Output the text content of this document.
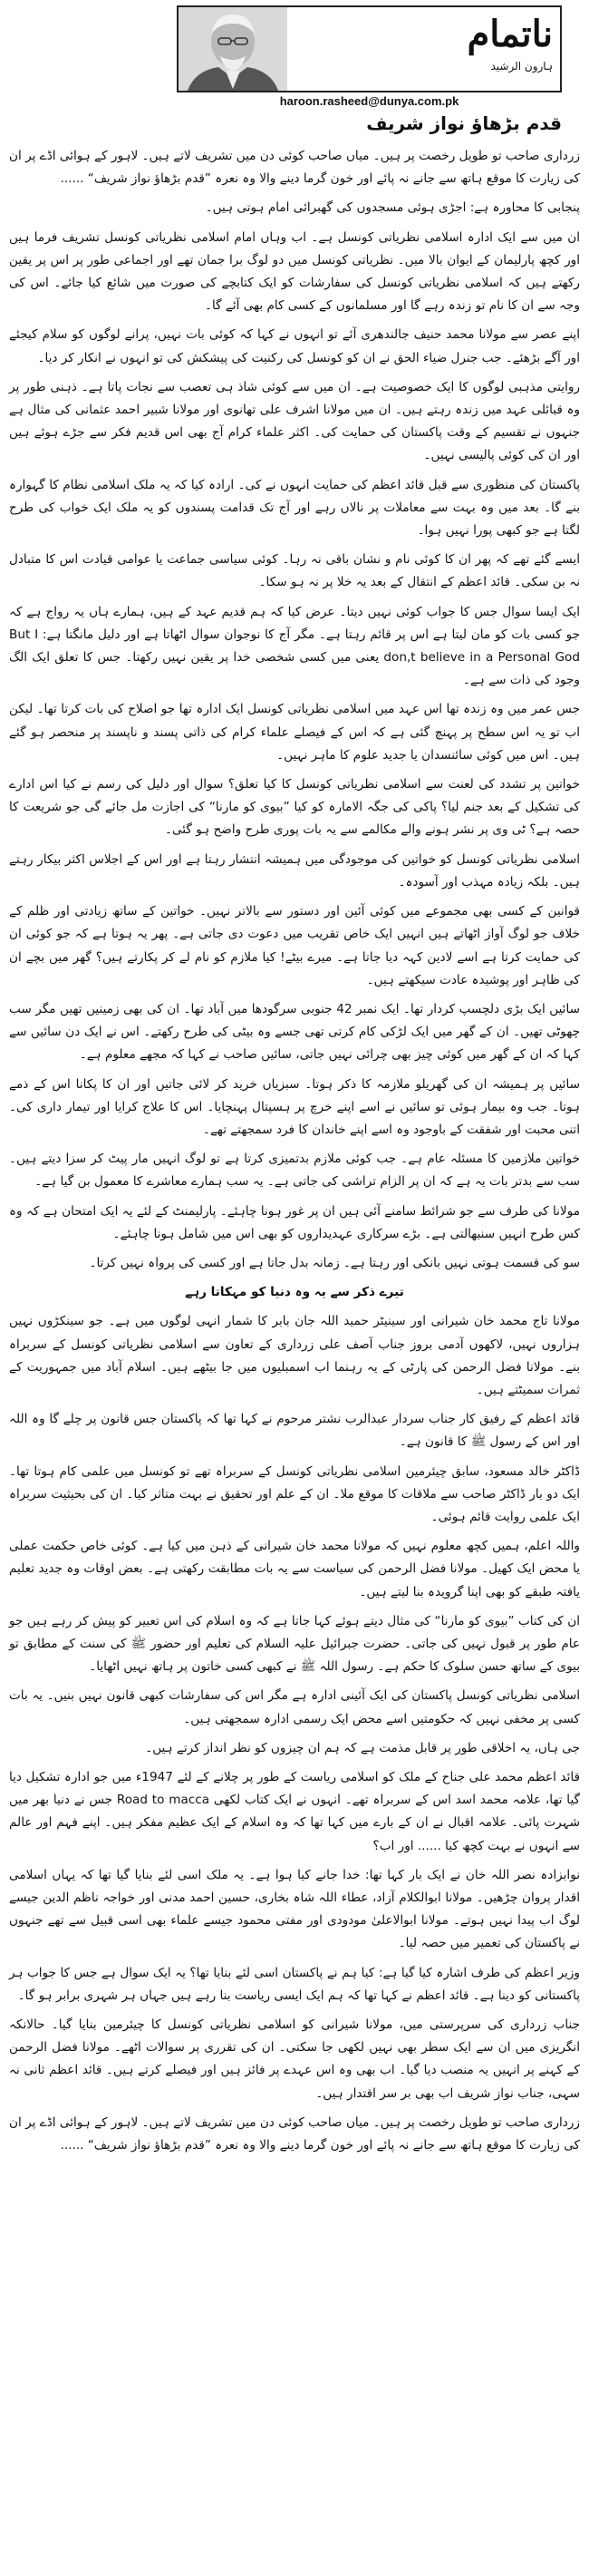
ناتمام
ہارون الرشید
haroon.rasheed@dunya.com.pk
قدم بڑھاؤ نواز شریف

زرداری صاحب تو طویل رخصت پر ہیں۔ میاں صاحب کوئی دن میں تشریف لاتے ہیں۔ لاہور کے ہوائی اڈے پر ان کی زیارت کا موقع ہاتھ سے جانے نہ پائے اور خون گرما دینے والا وہ نعرہ ”قدم بڑھاؤ نواز شریف“ ......

پنجابی کا محاورہ ہے: اجڑی ہوئی مسجدوں کی گھبرائی امام ہوتی ہیں۔

ان میں سے ایک ادارہ اسلامی نظریاتی کونسل ہے۔ اب وہاں امام اسلامی نظریاتی کونسل تشریف فرما ہیں اور کچھ پارلیمان کے ایوان بالا میں۔ نظریاتی کونسل میں دو لوگ برا جمان تھے اور اجماعی طور پر اس پر یقین رکھتے ہیں کہ اسلامی نظریاتی کونسل کی سفارشات کو ایک کتابچے کی صورت میں شائع کیا جائے۔ اس کی وجہ سے ان کا نام تو زندہ رہے گا اور مسلمانوں کے کسی کام بھی آئے گا۔

اپنے عصر سے مولانا محمد حنیف جالندھری آئے تو انہوں نے کہا کہ کوئی بات نہیں، پرانے لوگوں کو سلام کیجئے اور آگے بڑھئے۔ جب جنرل ضیاء الحق نے ان کو کونسل کی رکنیت کی پیشکش کی تو انہوں نے انکار کر دیا۔

روایتی مذہبی لوگوں کا ایک خصوصیت ہے۔ ان میں سے کوئی شاذ ہی تعصب سے نجات پاتا ہے۔ ذہنی طور پر وہ قبائلی عہد میں زندہ رہتے ہیں۔ ان میں مولانا اشرف علی تھانوی اور مولانا شبیر احمد عثمانی کی مثال ہے جنہوں نے تقسیم کے وقت پاکستان کی حمایت کی۔ اکثر علماء کرام آج بھی اس قدیم فکر سے جڑے ہوئے ہیں اور ان کی کوئی پالیسی نہیں۔

پاکستان کی منظوری سے قبل قائد اعظم کی حمایت انہوں نے کی۔ ارادہ کیا کہ یہ ملک اسلامی نظام کا گہوارہ بنے گا۔ بعد میں وہ بہت سے معاملات پر نالاں رہے اور آج تک قدامت پسندوں کو یہ ملک ایک خواب کی طرح لگتا ہے جو کبھی پورا نہیں ہوا۔

ایسے گئے تھے کہ پھر ان کا کوئی نام و نشان باقی نہ رہا۔ کوئی سیاسی جماعت یا عوامی قیادت اس کا متبادل نہ بن سکی۔ قائد اعظم کے انتقال کے بعد یہ خلا پر نہ ہو سکا۔

ایک ایسا سوال جس کا جواب کوئی نہیں دیتا۔ عرض کیا کہ ہم قدیم عہد کے ہیں، ہمارے ہاں یہ رواج ہے کہ جو کسی بات کو مان لیتا ہے اس پر قائم رہتا ہے۔ مگر آج کا نوجوان سوال اٹھاتا ہے اور دلیل مانگتا ہے: But I don,t believe in a Personal God یعنی میں کسی شخصی خدا پر یقین نہیں رکھتا۔ جس کا تعلق ایک الگ وجود کی ذات سے ہے۔

جس عمر میں وہ زندہ تھا اس عہد میں اسلامی نظریاتی کونسل ایک ادارہ تھا جو اصلاح کی بات کرتا تھا۔ لیکن اب تو یہ اس سطح پر پہنچ گئی ہے کہ اس کے فیصلے علماء کرام کی ذاتی پسند و ناپسند پر منحصر ہو گئے ہیں۔ اس میں کوئی سائنسدان یا جدید علوم کا ماہر نہیں۔

خواتین پر تشدد کی لعنت سے اسلامی نظریاتی کونسل کا کیا تعلق؟ سوال اور دلیل کی رسم نے کیا اس ادارے کی تشکیل کے بعد جنم لیا؟ پاکی کی جگہ الامارہ کو کیا ”بیوی کو مارنا“ کی اجازت مل جائے گی جو شریعت کا حصہ ہے؟ ٹی وی پر نشر ہونے والے مکالمے سے یہ بات پوری طرح واضح ہو گئی۔

اسلامی نظریاتی کونسل کو خواتین کی موجودگی میں ہمیشہ انتشار رہتا ہے اور اس کے اجلاس اکثر بیکار رہتے ہیں۔ بلکہ زیادہ مہذب اور آسودہ۔

قوانین کے کسی بھی مجموعے میں کوئی آئین اور دستور سے بالاتر نہیں۔ خواتین کے ساتھ زیادتی اور ظلم کے خلاف جو لوگ آواز اٹھاتے ہیں انہیں ایک خاص تقریب میں دعوت دی جاتی ہے۔ پھر یہ ہوتا ہے کہ جو کوئی ان کی حمایت کرتا ہے اسے لادین کہہ دیا جاتا ہے۔ میرے بیٹے! کیا ملازم کو نام لے کر پکارتے ہیں؟ گھر میں بچے ان کی ظاہر اور پوشیدہ عادت سیکھتے ہیں۔

سائیں ایک بڑی دلچسپ کردار تھا۔ ایک نمبر 42 جنوبی سرگودھا میں آباد تھا۔ ان کی بھی زمینیں تھیں مگر سب چھوٹی تھیں۔ ان کے گھر میں ایک لڑکی کام کرتی تھی جسے وہ بیٹی کی طرح رکھتے۔ اس نے ایک دن سائیں سے کہا کہ ان کے گھر میں کوئی چیز بھی چرائی نہیں جاتی، سائیں صاحب نے کہا کہ مجھے معلوم ہے۔

سائیں پر ہمیشہ ان کی گھریلو ملازمہ کا ذکر ہوتا۔ سبزیاں خرید کر لائی جاتیں اور ان کا پکانا اس کے ذمے ہوتا۔ جب وہ بیمار ہوئی تو سائیں نے اسے اپنے خرچ پر ہسپتال پہنچایا۔ اس کا علاج کرایا اور تیمار داری کی۔ اتنی محبت اور شفقت کے باوجود وہ اسے اپنے خاندان کا فرد سمجھتے تھے۔

خواتین ملازمین کا مسئلہ عام ہے۔ جب کوئی ملازم بدتمیزی کرتا ہے تو لوگ انہیں مار پیٹ کر سزا دیتے ہیں۔ سب سے بدتر بات یہ ہے کہ ان پر الزام تراشی کی جاتی ہے۔ یہ سب ہمارے معاشرے کا معمول بن گیا ہے۔

مولانا کی طرف سے جو شرائط سامنے آئی ہیں ان پر غور ہونا چاہئے۔ پارلیمنٹ کے لئے یہ ایک امتحان ہے کہ وہ کس طرح انہیں سنبھالتی ہے۔ بڑے سرکاری عہدیداروں کو بھی اس میں شامل ہونا چاہئے۔

سو کی قسمت ہوتی نہیں بانکی اور رہتا ہے۔ زمانہ بدل جاتا ہے اور کسی کی پرواہ نہیں کرتا۔

تیرے ذکر سے یہ وہ دنیا کو مہکاتا رہے

مولانا تاج محمد خان شیرانی اور سینیٹر حمید اللہ جان بابر کا شمار انہی لوگوں میں ہے۔ جو سینکڑوں نہیں ہزاروں نہیں، لاکھوں آدمی بروز جناب آصف علی زرداری کے تعاون سے اسلامی نظریاتی کونسل کے سربراہ بنے۔ مولانا فضل الرحمن کی پارٹی کے یہ رہنما اب اسمبلیوں میں جا بیٹھے ہیں۔ اسلام آباد میں جمہوریت کے ثمرات سمیٹتے ہیں۔

قائد اعظم کے رفیق کار جناب سردار عبدالرب نشتر مرحوم نے کہا تھا کہ پاکستان جس قانون پر چلے گا وہ اللہ اور اس کے رسول ﷺ کا قانون ہے۔

ڈاکٹر خالد مسعود، سابق چیئرمین اسلامی نظریاتی کونسل کے سربراہ تھے تو کونسل میں علمی کام ہوتا تھا۔ ایک دو بار ڈاکٹر صاحب سے ملاقات کا موقع ملا۔ ان کے علم اور تحقیق نے بہت متاثر کیا۔ ان کی بحیثیت سربراہ ایک علمی روایت قائم ہوئی۔

واللہ اعلم، ہمیں کچھ معلوم نہیں کہ مولانا محمد خان شیرانی کے ذہن میں کیا ہے۔ کوئی خاص حکمت عملی یا محض ایک کھیل۔ مولانا فضل الرحمن کی سیاست سے یہ بات مطابقت رکھتی ہے۔ بعض اوقات وہ جدید تعلیم یافتہ طبقے کو بھی اپنا گرویدہ بنا لیتے ہیں۔

ان کی کتاب ”بیوی کو مارنا“ کی مثال دیتے ہوئے کہا جاتا ہے کہ وہ اسلام کی اس تعبیر کو پیش کر رہے ہیں جو عام طور پر قبول نہیں کی جاتی۔ حضرت جبرائیل علیہ السلام کی تعلیم اور حضور ﷺ کی سنت کے مطابق تو بیوی کے ساتھ حسن سلوک کا حکم ہے۔ رسول اللہ ﷺ نے کبھی کسی خاتون پر ہاتھ نہیں اٹھایا۔

اسلامی نظریاتی کونسل پاکستان کی ایک آئینی ادارہ ہے مگر اس کی سفارشات کبھی قانون نہیں بنیں۔ یہ بات کسی پر مخفی نہیں کہ حکومتیں اسے محض ایک رسمی ادارہ سمجھتی ہیں۔

جی ہاں، یہ اخلاقی طور پر قابل مذمت ہے کہ ہم ان چیزوں کو نظر انداز کرتے ہیں۔

قائد اعظم محمد علی جناح کے ملک کو اسلامی ریاست کے طور پر چلانے کے لئے 1947ء میں جو ادارہ تشکیل دیا گیا تھا، علامہ محمد اسد اس کے سربراہ تھے۔ انہوں نے ایک کتاب لکھی Road to macca جس نے دنیا بھر میں شہرت پائی۔ علامہ اقبال نے ان کے بارے میں کہا تھا کہ وہ اسلام کے ایک عظیم مفکر ہیں۔ اپنے فہم اور عالم سے انہوں نے بہت کچھ کیا ...... اور اب؟

نوابزادہ نصر اللہ خان نے ایک بار کہا تھا: خدا جانے کیا ہوا ہے۔ یہ ملک اسی لئے بنایا گیا تھا کہ یہاں اسلامی اقدار پروان چڑھیں۔ مولانا ابوالکلام آزاد، عطاء اللہ شاہ بخاری، حسین احمد مدنی اور خواجہ ناظم الدین جیسے لوگ اب پیدا نہیں ہوتے۔ مولانا ابوالاعلیٰ مودودی اور مفتی محمود جیسے علماء بھی اسی قبیل سے تھے جنہوں نے پاکستان کی تعمیر میں حصہ لیا۔

وزیر اعظم کی طرف اشارہ کیا گیا ہے: کیا ہم نے پاکستان اسی لئے بنایا تھا؟ یہ ایک سوال ہے جس کا جواب ہر پاکستانی کو دینا ہے۔ قائد اعظم نے کہا تھا کہ ہم ایک ایسی ریاست بنا رہے ہیں جہاں ہر شہری برابر ہو گا۔

جناب زرداری کی سرپرستی میں، مولانا شیرانی کو اسلامی نظریاتی کونسل کا چیئرمین بنایا گیا۔ حالانکہ انگریزی میں ان سے ایک سطر بھی نہیں لکھی جا سکتی۔ ان کی تقرری پر سوالات اٹھے۔ مولانا فضل الرحمن کے کہنے پر انہیں یہ منصب دیا گیا۔ اب بھی وہ اس عہدے پر فائز ہیں اور فیصلے کرتے ہیں۔ قائد اعظم ثانی نہ سہی، جناب نواز شریف اب بھی بر سر اقتدار ہیں۔

زرداری صاحب تو طویل رخصت پر ہیں۔ میاں صاحب کوئی دن میں تشریف لاتے ہیں۔ لاہور کے ہوائی اڈے پر ان کی زیارت کا موقع ہاتھ سے جانے نہ پائے اور خون گرما دینے والا وہ نعرہ ”قدم بڑھاؤ نواز شریف“ ......
